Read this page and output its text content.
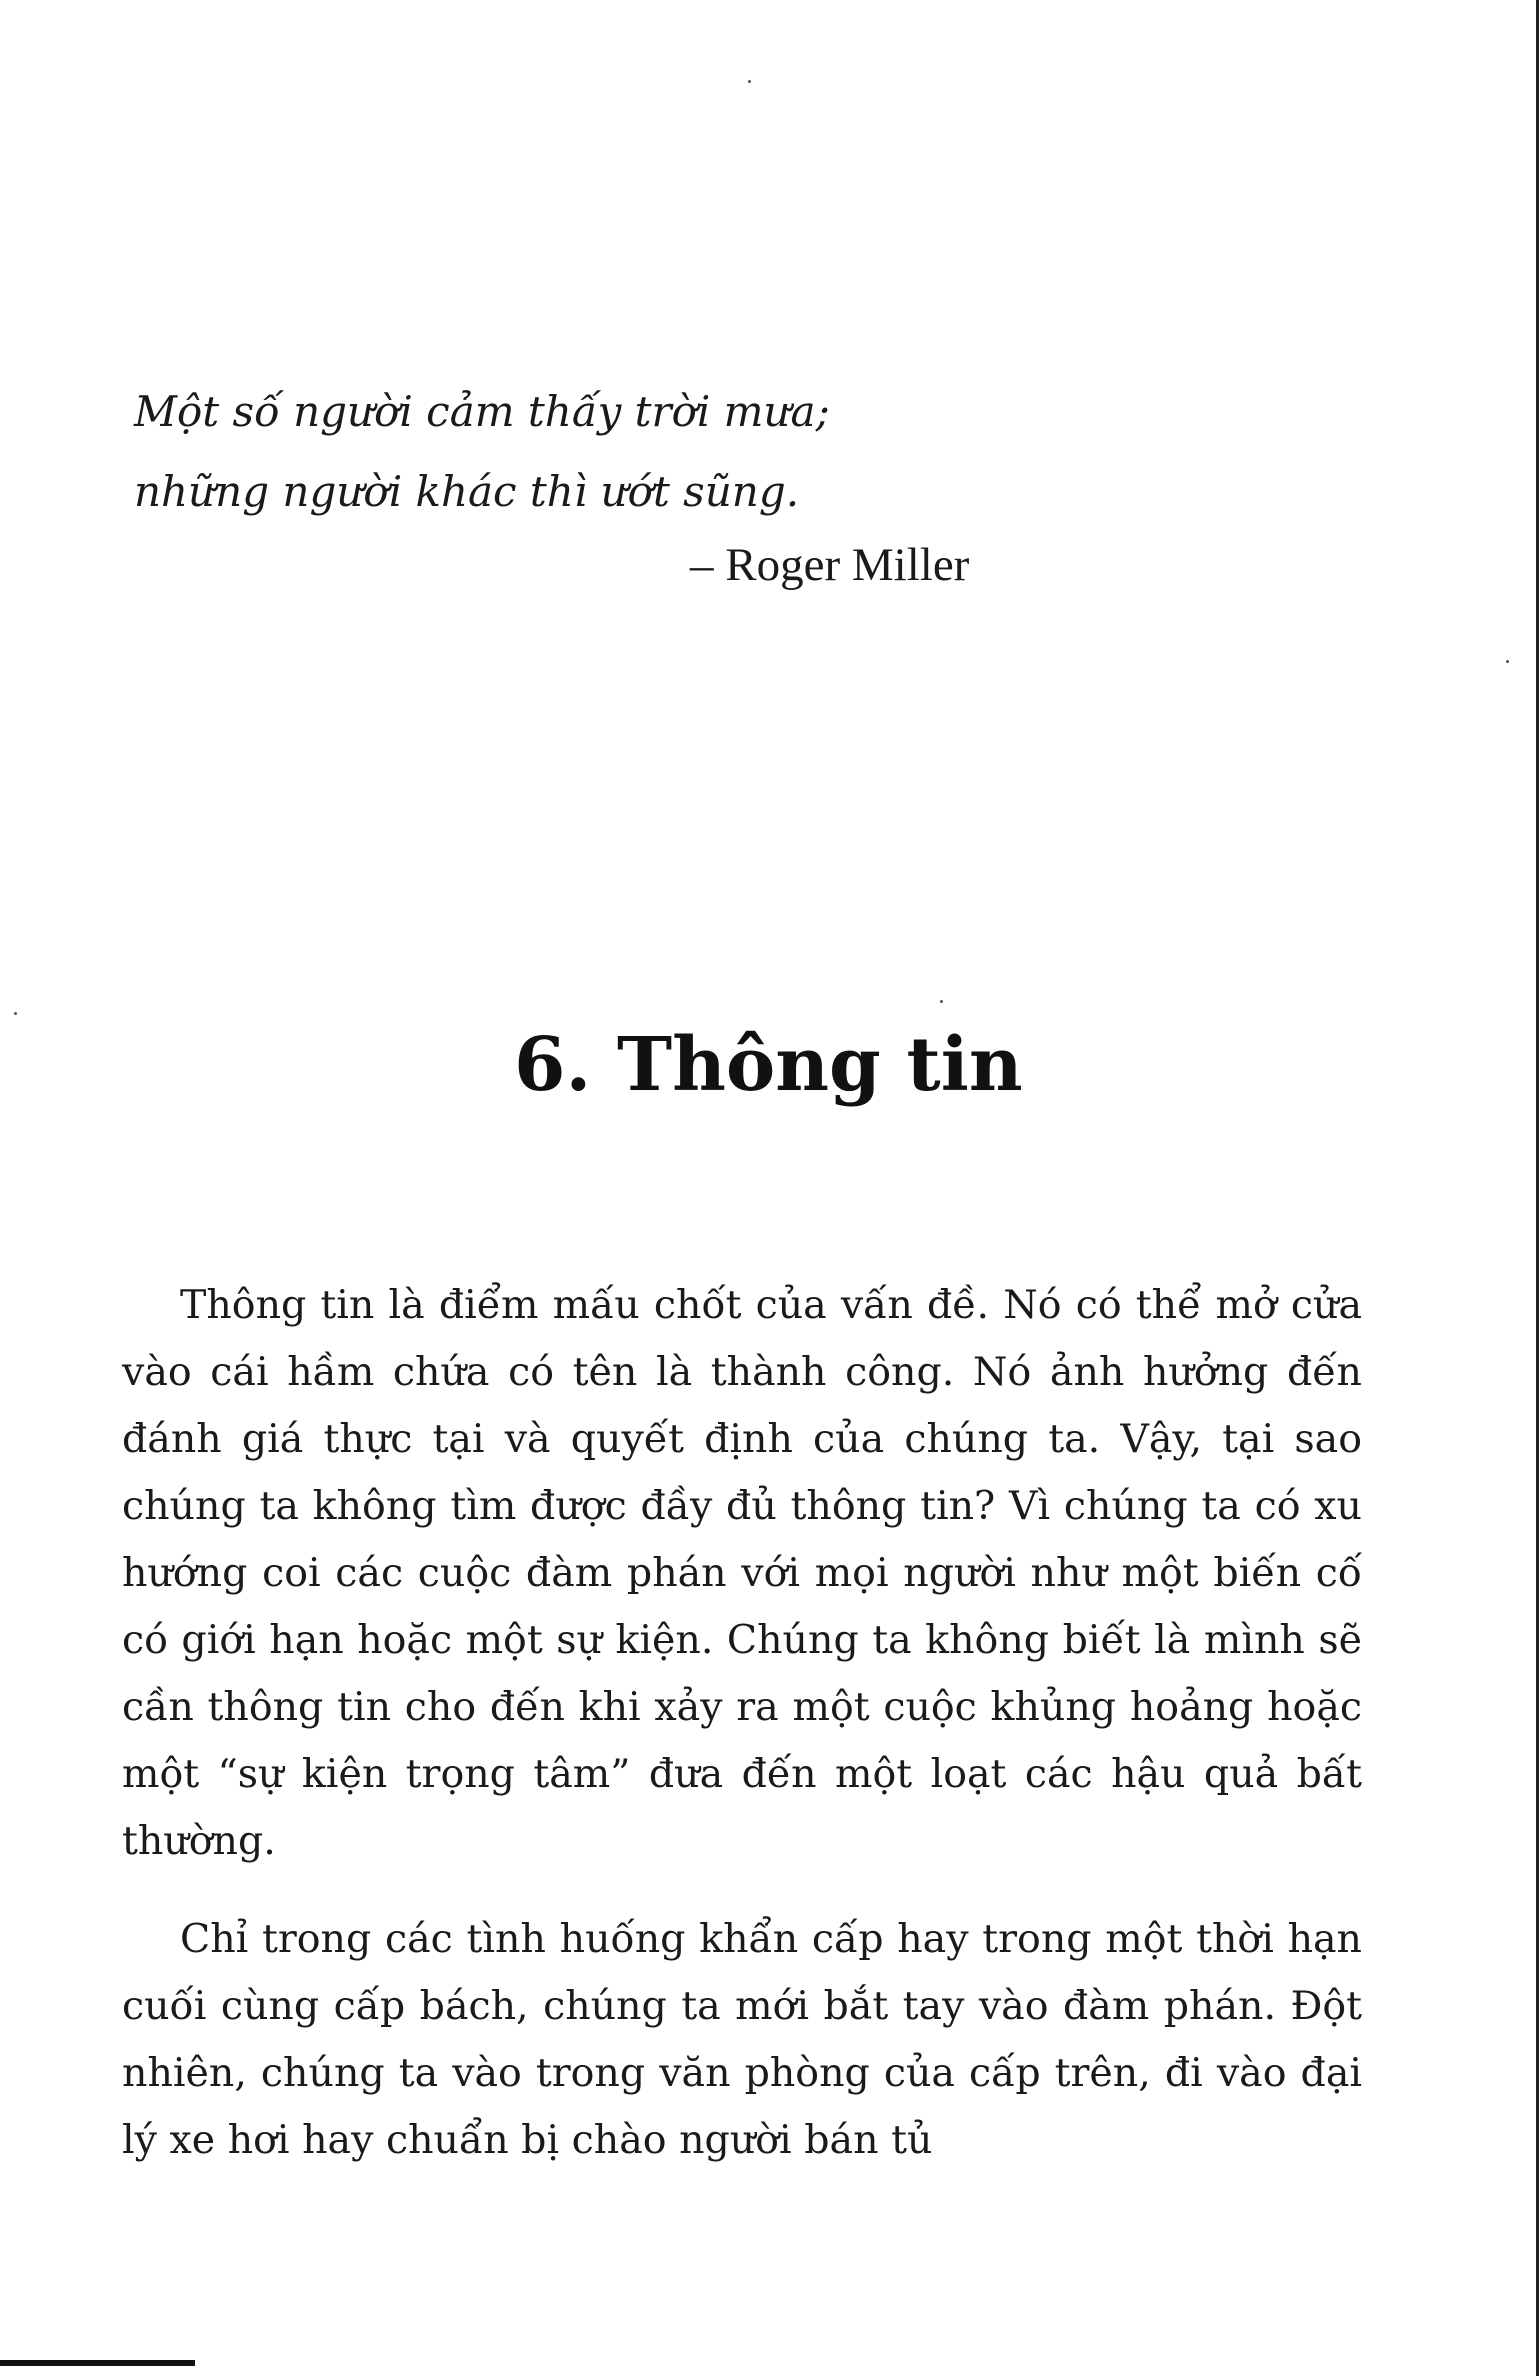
Một số người cảm thấy trời mưa;
những người khác thì ướt sũng.
– Roger Miller
6. Thông tin

Thông tin là điểm mấu chốt của vấn đề. Nó có thể mở cửa vào cái hầm chứa có tên là thành công. Nó ảnh hưởng đến đánh giá thực tại và quyết định của chúng ta. Vậy, tại sao chúng ta không tìm được đầy đủ thông tin? Vì chúng ta có xu hướng coi các cuộc đàm phán với mọi người như một biến cố có giới hạn hoặc một sự kiện. Chúng ta không biết là mình sẽ cần thông tin cho đến khi xảy ra một cuộc khủng hoảng hoặc một “sự kiện trọng tâm” đưa đến một loạt các hậu quả bất thường.

Chỉ trong các tình huống khẩn cấp hay trong một thời hạn cuối cùng cấp bách, chúng ta mới bắt tay vào đàm phán. Đột nhiên, chúng ta vào trong văn phòng của cấp trên, đi vào đại lý xe hơi hay chuẩn bị chào người bán tủ
